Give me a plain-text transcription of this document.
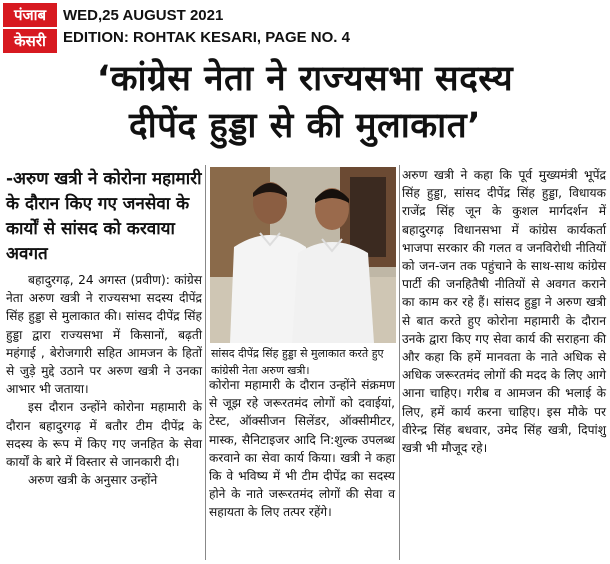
पंजाब
केसरी
WED,25 AUGUST 2021
EDITION: ROHTAK KESARI, PAGE NO. 4
‘कांग्रेस नेता ने राज्यसभा सदस्य
दीपेंद हुड्डा से की मुलाकात’

-अरुण खत्री ने कोरोना महामारी के दौरान किए गए जनसेवा के कार्यों से सांसद को करवाया अवगत

बहादुरगढ़, 24 अगस्त (प्रवीण): कांग्रेस नेता अरुण खत्री ने राज्यसभा सदस्य दीपेंद्र सिंह हुड्डा से मुलाकात की। सांसद दीपेंद्र सिंह हुड्डा द्वारा राज्यसभा में किसानों, बढ़ती महंगाई , बेरोजगारी सहित आमजन के हितों से जुड़े मुद्दे उठाने पर अरुण खत्री ने उनका आभार भी जताया।

इस दौरान उन्होंने कोरोना महामारी के दौरान बहादुरगढ़ में बतौर टीम दीपेंद्र के सदस्य के रूप में किए गए जनहित के सेवा कार्यों के बारे में विस्तार से जानकारी दी।

अरुण खत्री के अनुसार उन्होंने

सांसद दीपेंद्र सिंह हुड्डा से मुलाकात करते हुए कांग्रेसी नेता अरुण खत्री।

कोरोना महामारी के दौरान उन्होंने संक्रमण से जूझ रहे जरूरतमंद लोगों को दवाईयां, टेस्ट, ऑक्सीजन सिलेंडर, ऑक्सीमीटर, मास्क, सैनिटाइजर आदि नि:शुल्क उपलब्ध करवाने का सेवा कार्य किया। खत्री ने कहा कि वे भविष्य में भी टीम दीपेंद्र का सदस्य होने के नाते जरूरतमंद लोगों की सेवा व सहायता के लिए तत्पर रहेंगे।

अरुण खत्री ने कहा कि पूर्व मुख्यमंत्री भूपेंद्र सिंह हुड्डा, सांसद दीपेंद्र सिंह हुड्डा, विधायक राजेंद्र सिंह जून के कुशल मार्गदर्शन में बहादुरगढ़ विधानसभा में कांग्रेस कार्यकर्ता भाजपा सरकार की गलत व जनविरोधी नीतियों को जन-जन तक पहुंचाने के साथ-साथ कांग्रेस पार्टी की जनहितैषी नीतियों से अवगत कराने का काम कर रहे हैं। सांसद हुड्डा ने अरुण खत्री से बात करते हुए कोरोना महामारी के दौरान उनके द्वारा किए गए सेवा कार्य की सराहना की और कहा कि हमें मानवता के नाते अधिक से अधिक जरूरतमंद लोगों की मदद के लिए आगे आना चाहिए। गरीब व आमजन की भलाई के लिए, हमें कार्य करना चाहिए। इस मौके पर वीरेन्द्र सिंह बधवार, उमेद सिंह खत्री, दिपांशु खत्री भी मौजूद रहे।
